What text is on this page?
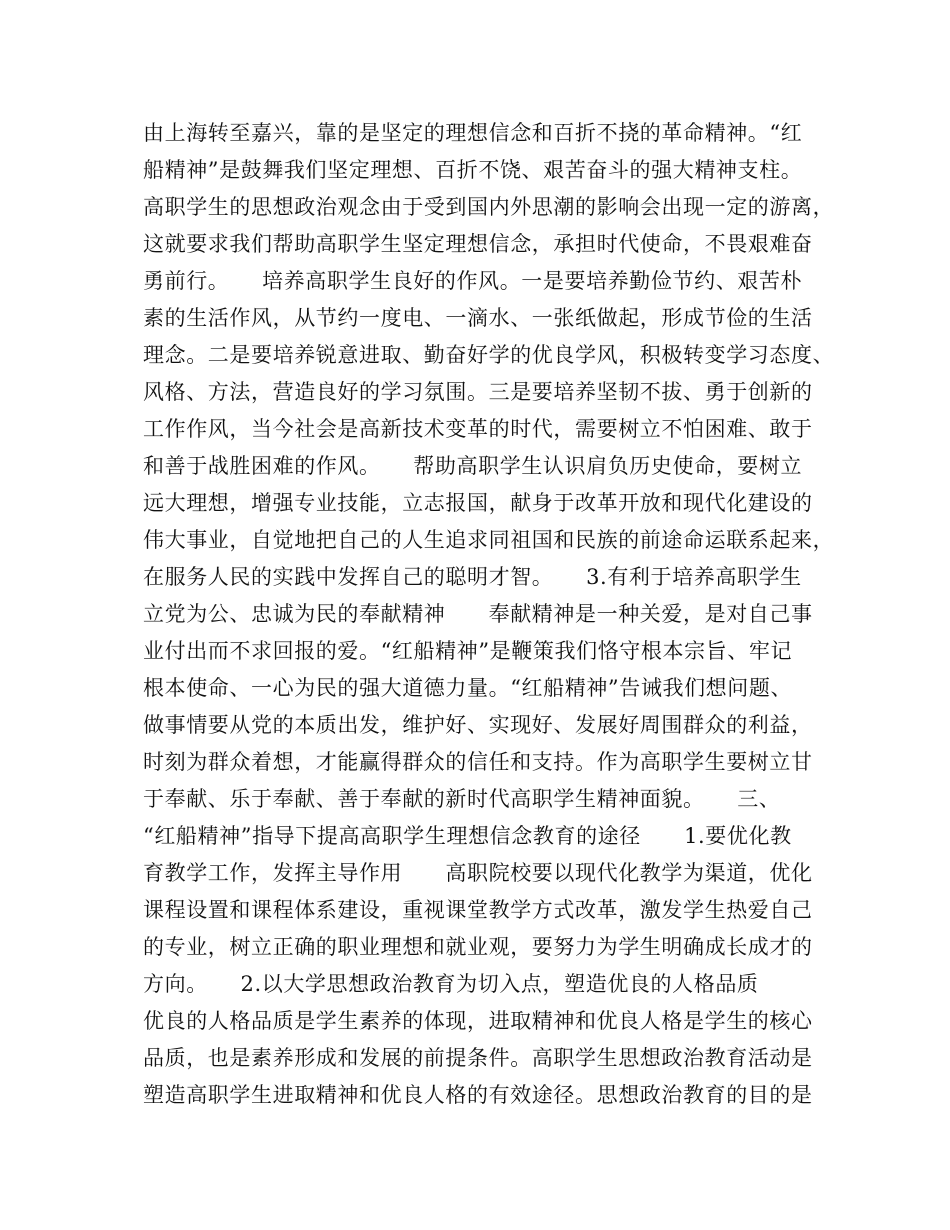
由上海转至嘉兴，靠的是坚定的理想信念和百折不挠的革命精神。“红
船精神”是鼓舞我们坚定理想、百折不饶、艰苦奋斗的强大精神支柱。
高职学生的思想政治观念由于受到国内外思潮的影响会出现一定的游离，
这就要求我们帮助高职学生坚定理想信念，承担时代使命，不畏艰难奋
勇前行。　　培养高职学生良好的作风。一是要培养勤俭节约、艰苦朴
素的生活作风，从节约一度电、一滴水、一张纸做起，形成节俭的生活
理念。二是要培养锐意进取、勤奋好学的优良学风，积极转变学习态度、
风格、方法，营造良好的学习氛围。三是要培养坚韧不拔、勇于创新的
工作作风，当今社会是高新技术变革的时代，需要树立不怕困难、敢于
和善于战胜困难的作风。　　帮助高职学生认识肩负历史使命，要树立
远大理想，增强专业技能，立志报国，献身于改革开放和现代化建设的
伟大事业，自觉地把自己的人生追求同祖国和民族的前途命运联系起来，
在服务人民的实践中发挥自己的聪明才智。　　3.有利于培养高职学生
立党为公、忠诚为民的奉献精神　　奉献精神是一种关爱，是对自己事
业付出而不求回报的爱。“红船精神”是鞭策我们恪守根本宗旨、牢记
根本使命、一心为民的强大道德力量。“红船精神”告诫我们想问题、
做事情要从党的本质出发，维护好、实现好、发展好周围群众的利益，
时刻为群众着想，才能赢得群众的信任和支持。作为高职学生要树立甘
于奉献、乐于奉献、善于奉献的新时代高职学生精神面貌。　　三、
“红船精神”指导下提高高职学生理想信念教育的途径　　1.要优化教
育教学工作，发挥主导作用　　高职院校要以现代化教学为渠道，优化
课程设置和课程体系建设，重视课堂教学方式改革，激发学生热爱自己
的专业，树立正确的职业理想和就业观，要努力为学生明确成长成才的
方向。　　2.以大学思想政治教育为切入点，塑造优良的人格品质　
优良的人格品质是学生素养的体现，进取精神和优良人格是学生的核心
品质，也是素养形成和发展的前提条件。高职学生思想政治教育活动是
塑造高职学生进取精神和优良人格的有效途径。思想政治教育的目的是
